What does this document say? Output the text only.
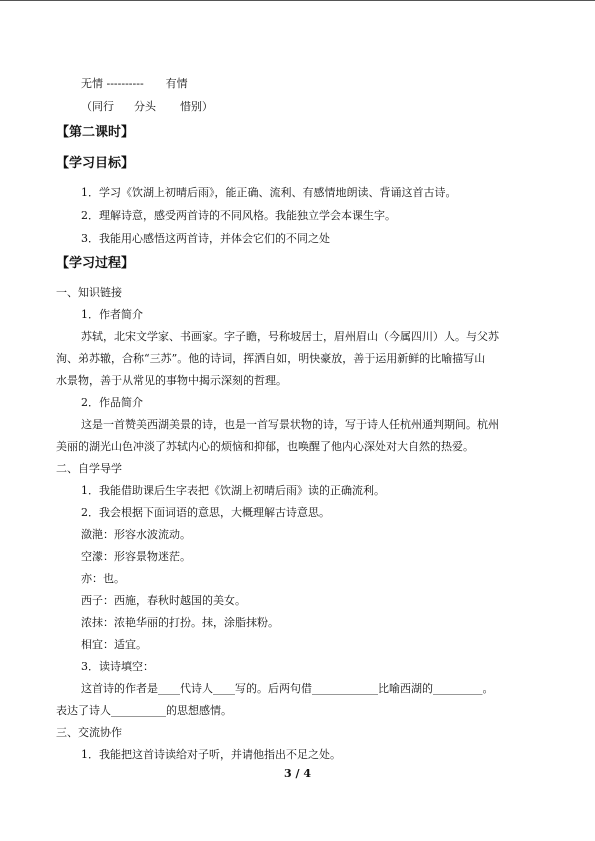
无情 ---------- 有情
（同行 分头 惜别）
【第二课时】
【学习目标】
1．学习《饮湖上初晴后雨》，能正确、流利、有感情地朗读、背诵这首古诗。
2．理解诗意，感受两首诗的不同风格。我能独立学会本课生字。
3．我能用心感悟这两首诗，并体会它们的不同之处
【学习过程】
一、知识链接
1．作者简介
苏轼，北宋文学家、书画家。字子瞻，号称坡居士，眉州眉山（今属四川）人。与父苏
洵、弟苏辙，合称“三苏”。他的诗词，挥洒自如，明快豪放，善于运用新鲜的比喻描写山
水景物，善于从常见的事物中揭示深刻的哲理。
2．作品简介
这是一首赞美西湖美景的诗，也是一首写景状物的诗，写于诗人任杭州通判期间。杭州
美丽的湖光山色冲淡了苏轼内心的烦恼和抑郁，也唤醒了他内心深处对大自然的热爱。
二、自学导学
1．我能借助课后生字表把《饮湖上初晴后雨》读的正确流利。
2．我会根据下面词语的意思，大概理解古诗意思。
潋滟：形容水波流动。
空濛：形容景物迷茫。
亦：也。
西子：西施，春秋时越国的美女。
浓抹：浓艳华丽的打扮。抹，涂脂抹粉。
相宜：适宜。
3．读诗填空：
这首诗的作者是____代诗人____写的。后两句借____________比喻西湖的_________。
表达了诗人__________的思想感情。
三、交流协作
1．我能把这首诗读给对子听，并请他指出不足之处。
3 / 4
